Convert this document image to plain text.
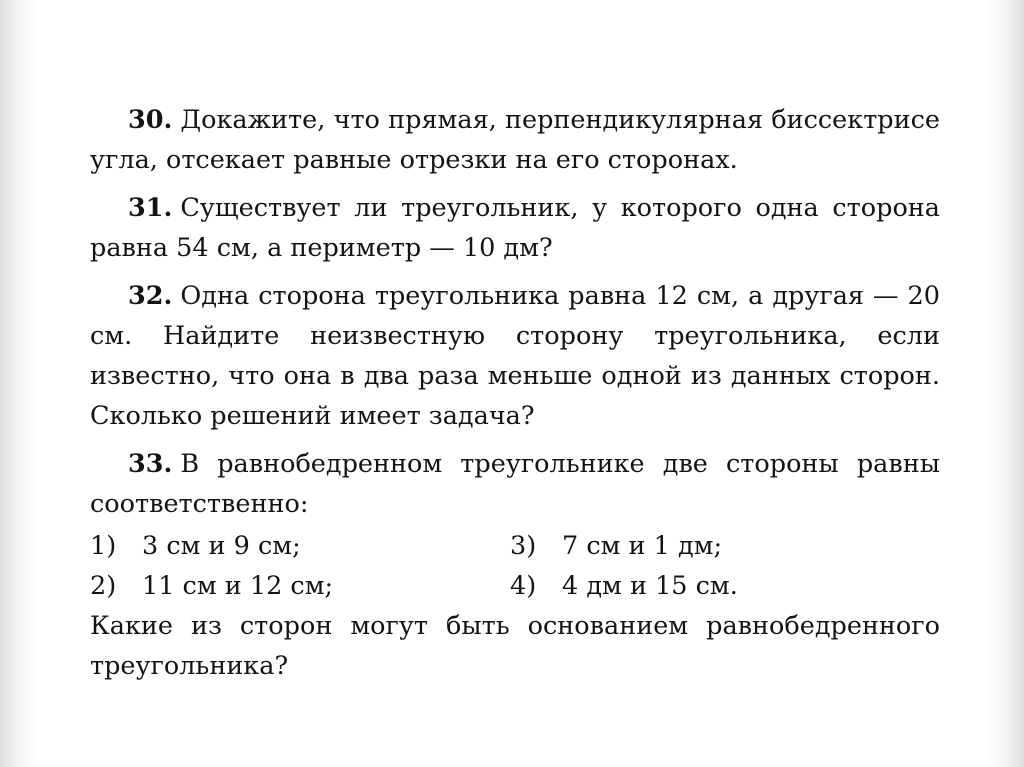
30. Докажите, что прямая, перпендикулярная биссектрисе угла, отсекает равные отрезки на его сторонах.

31. Существует ли треугольник, у которого одна сторона равна 54 см, а периметр — 10 дм?

32. Одна сторона треугольника равна 12 см, а другая — 20 см. Найдите неизвестную сторону треугольника, если известно, что она в два раза меньше одной из данных сторон. Сколько решений имеет задача?

33. В равнобедренном треугольнике две стороны равны соответственно:

1) 3 см и 9 см;	3) 7 см и 1 дм;
2) 11 см и 12 см;	4) 4 дм и 15 см.

Какие из сторон могут быть основанием равнобедренного треугольника?
